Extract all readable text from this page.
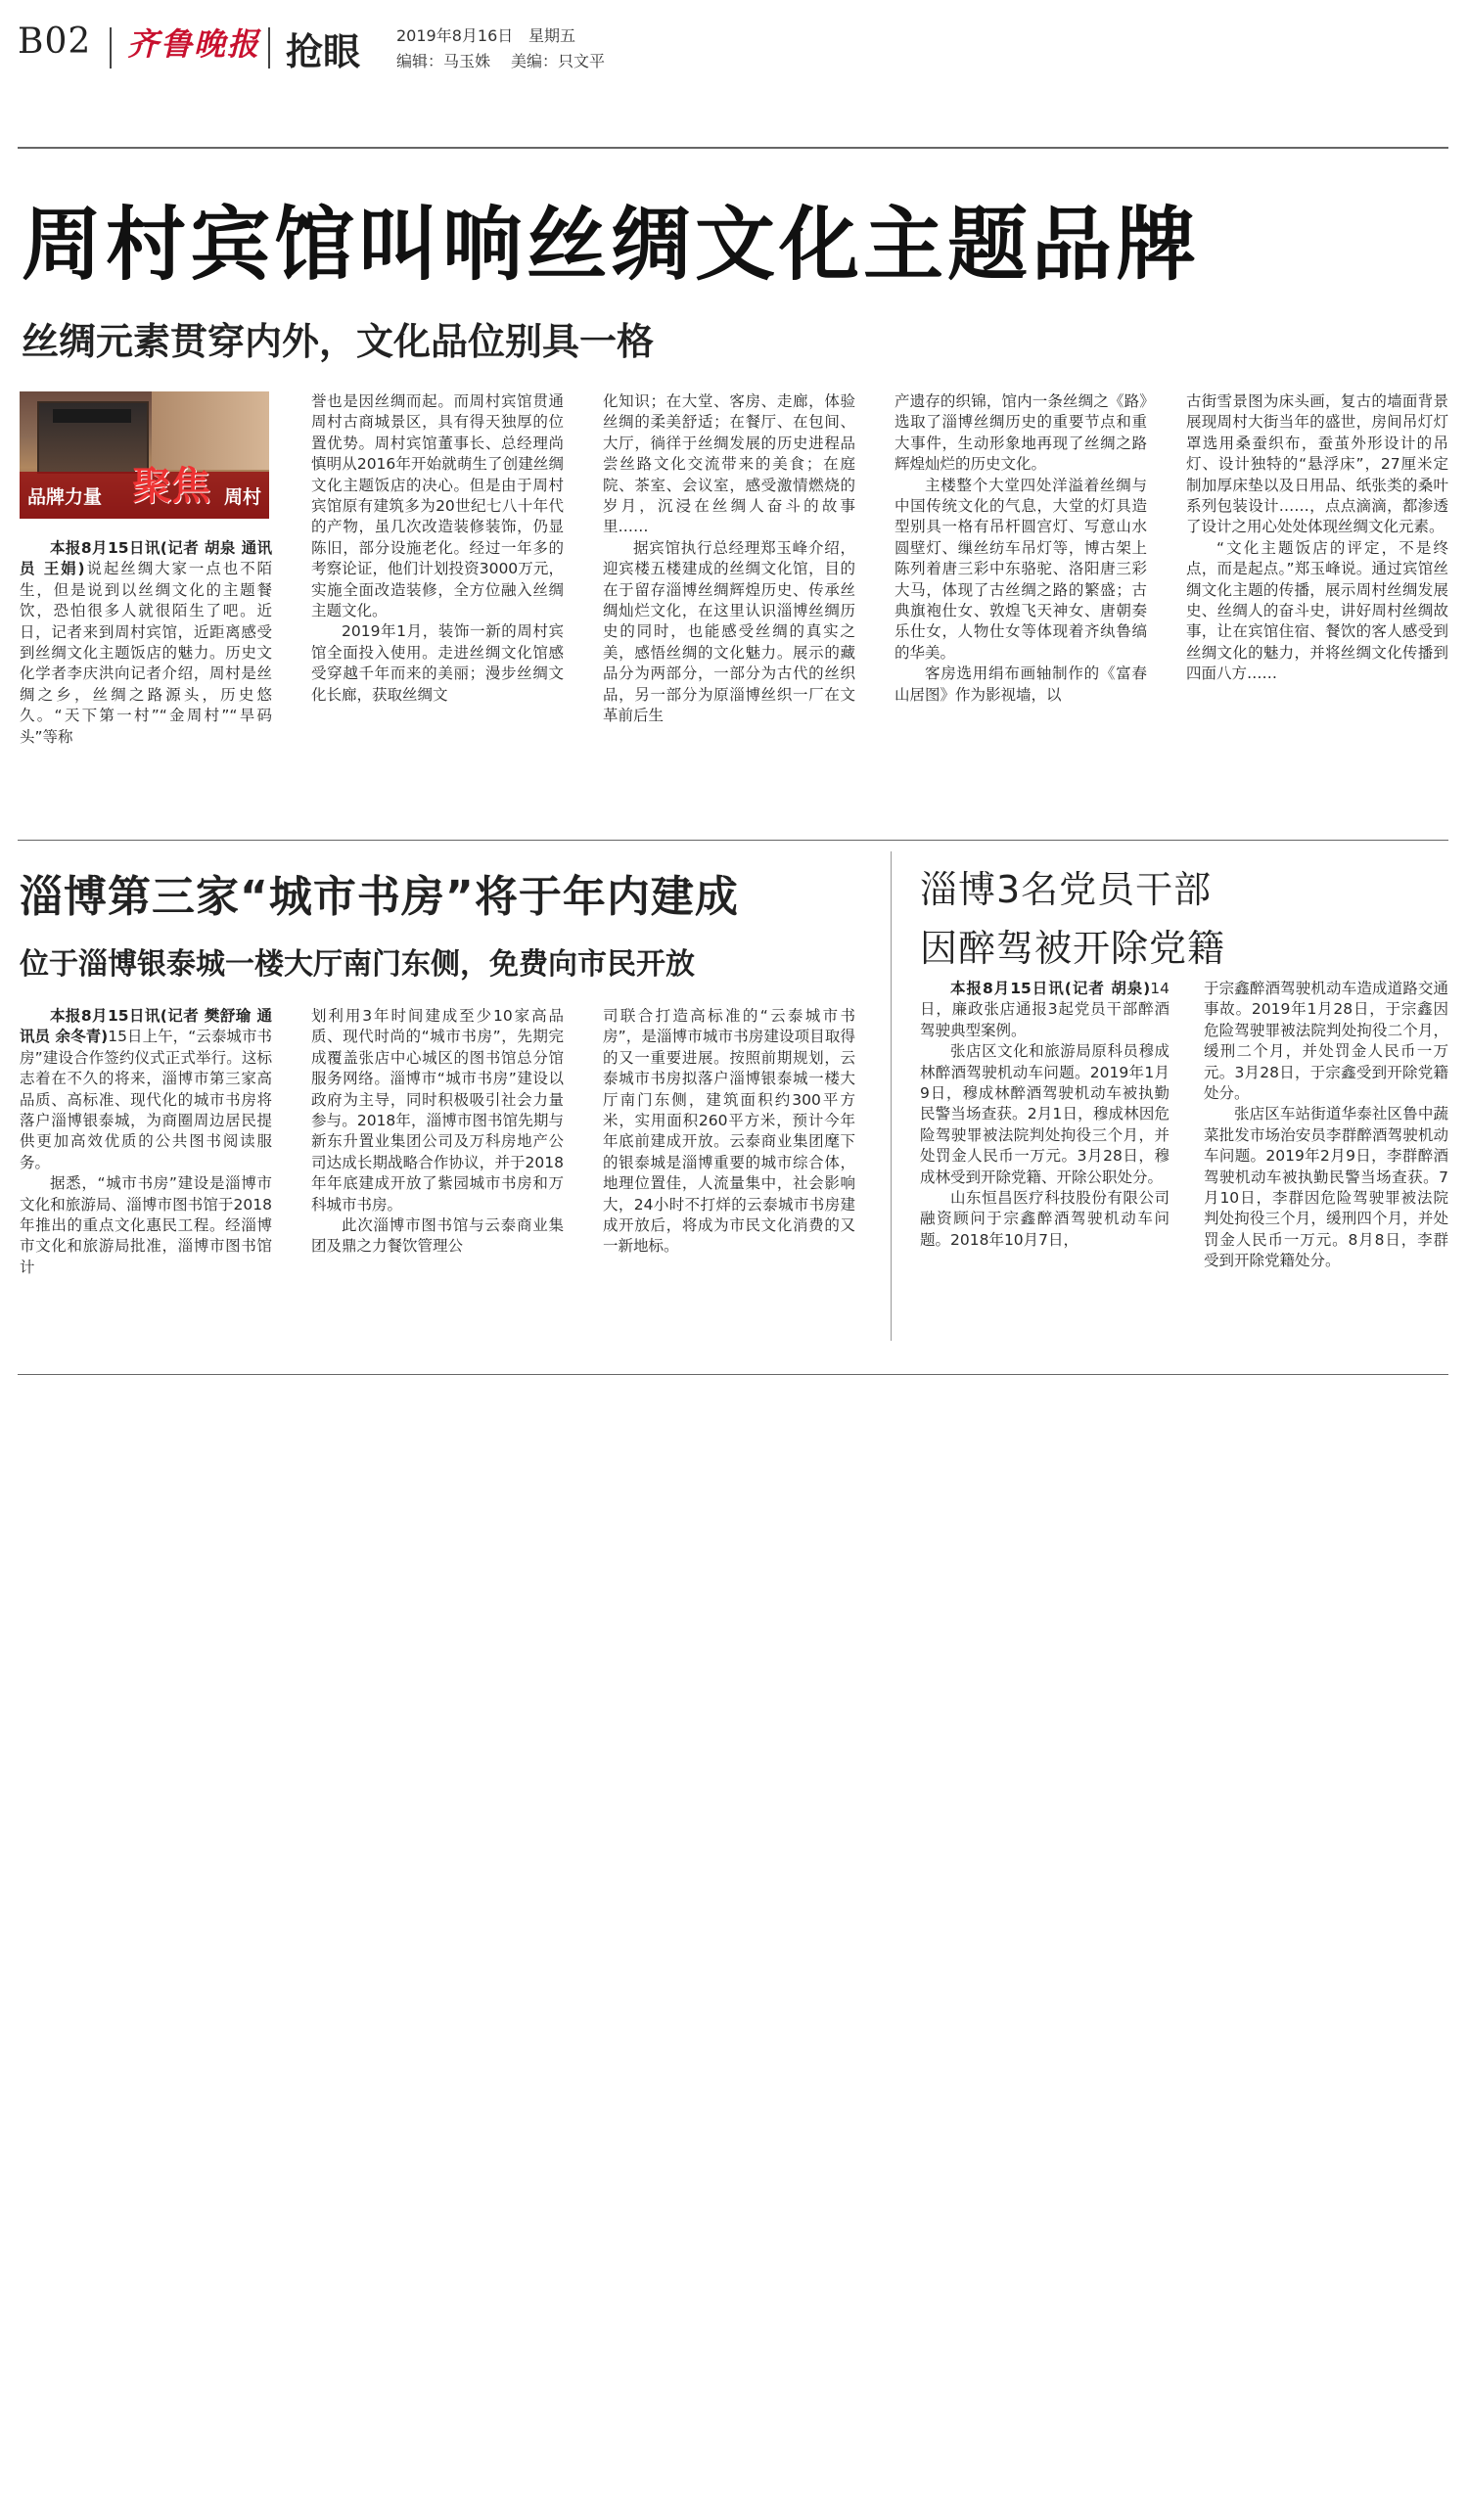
B02 齐鲁晚报 抢眼 2019年8月16日 星期五
编辑：马玉姝 美编：只文平
周村宾馆叫响丝绸文化主题品牌
丝绸元素贯穿内外，文化品位别具一格
品牌力量 聚焦 周村

本报8月15日讯(记者 胡泉 通讯员 王娟)说起丝绸大家一点也不陌生，但是说到以丝绸文化的主题餐饮，恐怕很多人就很陌生了吧。近日，记者来到周村宾馆，近距离感受到丝绸文化主题饭店的魅力。历史文化学者李庆洪向记者介绍，周村是丝绸之乡，丝绸之路源头，历史悠久。“天下第一村”“金周村”“旱码头”等称

誉也是因丝绸而起。而周村宾馆贯通周村古商城景区，具有得天独厚的位置优势。周村宾馆董事长、总经理尚慎明从2016年开始就萌生了创建丝绸文化主题饭店的决心。但是由于周村宾馆原有建筑多为20世纪七八十年代的产物，虽几次改造装修装饰，仍显陈旧，部分设施老化。经过一年多的考察论证，他们计划投资3000万元，实施全面改造装修，全方位融入丝绸主题文化。

2019年1月，装饰一新的周村宾馆全面投入使用。走进丝绸文化馆感受穿越千年而来的美丽；漫步丝绸文化长廊，获取丝绸文

化知识；在大堂、客房、走廊，体验丝绸的柔美舒适；在餐厅、在包间、大厅，徜徉于丝绸发展的历史进程品尝丝路文化交流带来的美食；在庭院、茶室、会议室，感受激情燃烧的岁月，沉浸在丝绸人奋斗的故事里……

据宾馆执行总经理郑玉峰介绍，迎宾楼五楼建成的丝绸文化馆，目的在于留存淄博丝绸辉煌历史、传承丝绸灿烂文化，在这里认识淄博丝绸历史的同时，也能感受丝绸的真实之美，感悟丝绸的文化魅力。展示的藏品分为两部分，一部分为古代的丝织品，另一部分为原淄博丝织一厂在文革前后生

产遗存的织锦，馆内一条丝绸之《路》选取了淄博丝绸历史的重要节点和重大事件，生动形象地再现了丝绸之路辉煌灿烂的历史文化。

主楼整个大堂四处洋溢着丝绸与中国传统文化的气息，大堂的灯具造型别具一格有吊杆圆宫灯、写意山水圆壁灯、缫丝纺车吊灯等，博古架上陈列着唐三彩中东骆驼、洛阳唐三彩大马，体现了古丝绸之路的繁盛；古典旗袍仕女、敦煌飞天神女、唐朝奏乐仕女，人物仕女等体现着齐纨鲁缟的华美。

客房选用绢布画轴制作的《富春山居图》作为影视墙，以

古街雪景图为床头画，复古的墙面背景展现周村大街当年的盛世，房间吊灯灯罩选用桑蚕织布，蚕茧外形设计的吊灯、设计独特的“悬浮床”，27厘米定制加厚床垫以及日用品、纸张类的桑叶系列包装设计……，点点滴滴，都渗透了设计之用心处处体现丝绸文化元素。

“文化主题饭店的评定，不是终点，而是起点。”郑玉峰说。通过宾馆丝绸文化主题的传播，展示周村丝绸发展史、丝绸人的奋斗史，讲好周村丝绸故事，让在宾馆住宿、餐饮的客人感受到丝绸文化的魅力，并将丝绸文化传播到四面八方……

淄博第三家“城市书房”将于年内建成
位于淄博银泰城一楼大厅南门东侧，免费向市民开放

本报8月15日讯(记者 樊舒瑜 通讯员 余冬青)15日上午，“云泰城市书房”建设合作签约仪式正式举行。这标志着在不久的将来，淄博市第三家高品质、高标准、现代化的城市书房将落户淄博银泰城，为商圈周边居民提供更加高效优质的公共图书阅读服务。

据悉，“城市书房”建设是淄博市文化和旅游局、淄博市图书馆于2018年推出的重点文化惠民工程。经淄博市文化和旅游局批准，淄博市图书馆计

划利用3年时间建成至少10家高品质、现代时尚的“城市书房”，先期完成覆盖张店中心城区的图书馆总分馆服务网络。淄博市“城市书房”建设以政府为主导，同时积极吸引社会力量参与。2018年，淄博市图书馆先期与新东升置业集团公司及万科房地产公司达成长期战略合作协议，并于2018年年底建成开放了紫园城市书房和万科城市书房。

此次淄博市图书馆与云泰商业集团及鼎之力餐饮管理公

司联合打造高标准的“云泰城市书房”，是淄博市城市书房建设项目取得的又一重要进展。按照前期规划，云泰城市书房拟落户淄博银泰城一楼大厅南门东侧，建筑面积约300平方米，实用面积260平方米，预计今年年底前建成开放。云泰商业集团麾下的银泰城是淄博重要的城市综合体，地理位置佳，人流量集中，社会影响大，24小时不打烊的云泰城市书房建成开放后，将成为市民文化消费的又一新地标。

淄博3名党员干部
因醉驾被开除党籍

本报8月15日讯(记者 胡泉)14日，廉政张店通报3起党员干部醉酒驾驶典型案例。

张店区文化和旅游局原科员穆成林醉酒驾驶机动车问题。2019年1月9日，穆成林醉酒驾驶机动车被执勤民警当场查获。2月1日，穆成林因危险驾驶罪被法院判处拘役三个月，并处罚金人民币一万元。3月28日，穆成林受到开除党籍、开除公职处分。

山东恒昌医疗科技股份有限公司融资顾问于宗鑫醉酒驾驶机动车问题。2018年10月7日，

于宗鑫醉酒驾驶机动车造成道路交通事故。2019年1月28日，于宗鑫因危险驾驶罪被法院判处拘役二个月，缓刑二个月，并处罚金人民币一万元。3月28日，于宗鑫受到开除党籍处分。

张店区车站街道华泰社区鲁中蔬菜批发市场治安员李群醉酒驾驶机动车问题。2019年2月9日，李群醉酒驾驶机动车被执勤民警当场查获。7月10日，李群因危险驾驶罪被法院判处拘役三个月，缓刑四个月，并处罚金人民币一万元。8月8日，李群受到开除党籍处分。
